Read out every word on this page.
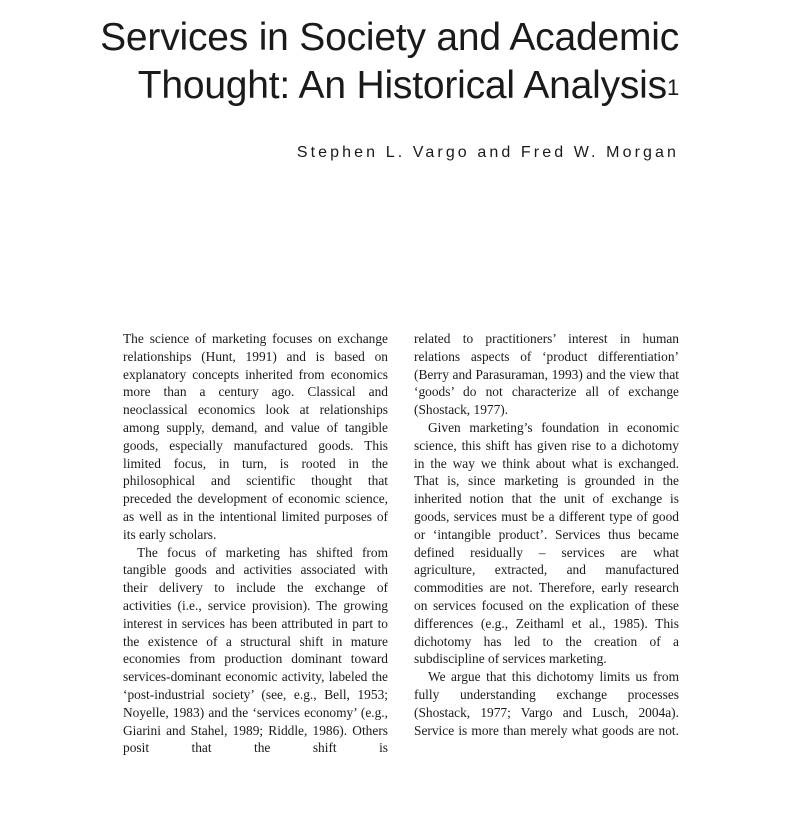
Services in Society and Academic
Thought: An Historical Analysis$^1$
Stephen L. Vargo and Fred W. Morgan

The science of marketing focuses on exchange relationships (Hunt, 1991) and is based on explanatory concepts inherited from economics more than a century ago. Classical and neoclassical economics look at relationships among supply, demand, and value of tangible goods, especially manufactured goods. This limited focus, in turn, is rooted in the philosophical and scientific thought that preceded the development of economic science, as well as in the intentional limited purposes of its early scholars.

The focus of marketing has shifted from tangible goods and activities associated with their delivery to include the exchange of activities (i.e., service provision). The growing interest in services has been attributed in part to the existence of a structural shift in mature economies from production dominant toward services-dominant economic activity, labeled the ‘post-industrial society’ (see, e.g., Bell, 1953; Noyelle, 1983) and the ‘services economy’ (e.g., Giarini and Stahel, 1989; Riddle, 1986). Others posit that the shift is

related to practitioners’ interest in human relations aspects of ‘product differentiation’ (Berry and Parasuraman, 1993) and the view that ‘goods’ do not characterize all of exchange (Shostack, 1977).

Given marketing’s foundation in economic science, this shift has given rise to a dichotomy in the way we think about what is exchanged. That is, since marketing is grounded in the inherited notion that the unit of exchange is goods, services must be a different type of good or ‘intangible product’. Services thus became defined residually – services are what agriculture, extracted, and manufactured commodities are not. Therefore, early research on services focused on the explication of these differences (e.g., Zeithaml et al., 1985). This dichotomy has led to the creation of a subdiscipline of services marketing.

We argue that this dichotomy limits us from fully understanding exchange processes (Shostack, 1977; Vargo and Lusch, 2004a). Service is more than merely what goods are not.
